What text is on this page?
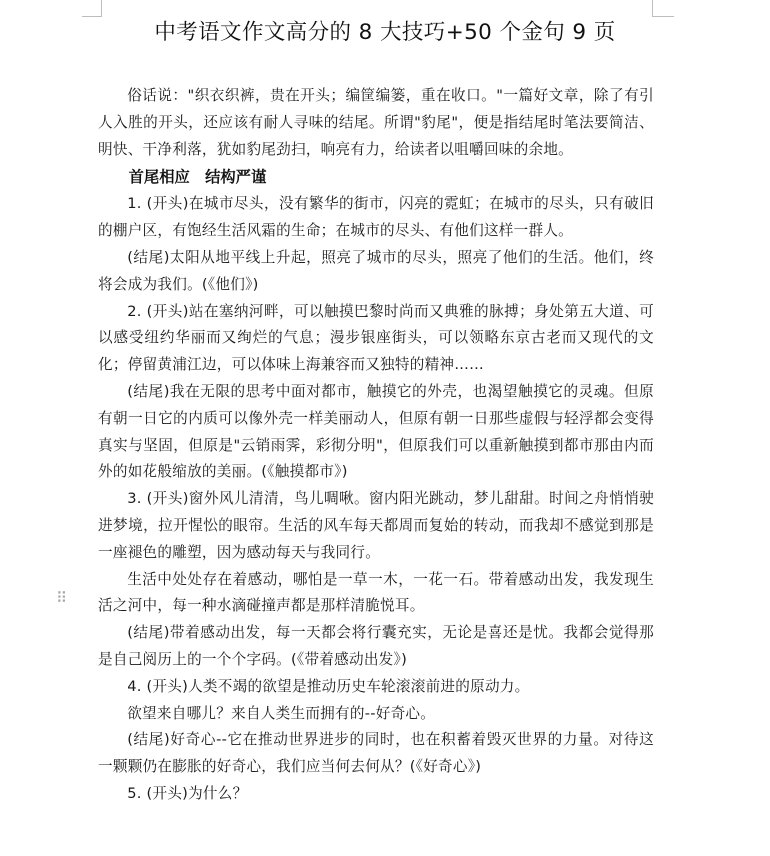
中考语文作文高分的 8 大技巧+50 个金句 9 页

俗话说："织衣织裤，贵在开头；编筐编篓，重在收口。"一篇好文章，除了有引人入胜的开头，还应该有耐人寻味的结尾。所谓"豹尾"，便是指结尾时笔法要简洁、明快、干净利落，犹如豹尾劲扫，响亮有力，给读者以咀嚼回味的余地。

首尾相应　结构严谨

1. (开头)在城市尽头，没有繁华的街市，闪亮的霓虹；在城市的尽头，只有破旧的棚户区，有饱经生活风霜的生命；在城市的尽头、有他们这样一群人。

(结尾)太阳从地平线上升起，照亮了城市的尽头，照亮了他们的生活。他们，终将会成为我们。(《他们》)

2. (开头)站在塞纳河畔，可以触摸巴黎时尚而又典雅的脉搏；身处第五大道、可以感受纽约华丽而又绚烂的气息；漫步银座街头，可以领略东京古老而又现代的文化；停留黄浦江边，可以体味上海兼容而又独特的精神……

(结尾)我在无限的思考中面对都市，触摸它的外壳，也渴望触摸它的灵魂。但原有朝一日它的内质可以像外壳一样美丽动人，但原有朝一日那些虚假与轻浮都会变得真实与坚固，但原是"云销雨霁，彩彻分明"，但原我们可以重新触摸到都市那由内而外的如花般缩放的美丽。(《触摸都市》)

3. (开头)窗外风儿清清，鸟儿啁啾。窗内阳光跳动，梦儿甜甜。时间之舟悄悄驶进梦境，拉开惺忪的眼帘。生活的风车每天都周而复始的转动，而我却不感觉到那是一座褪色的雕塑，因为感动每天与我同行。

生活中处处存在着感动，哪怕是一草一木，一花一石。带着感动出发，我发现生活之河中，每一种水滴碰撞声都是那样清脆悦耳。

(结尾)带着感动出发，每一天都会将行囊充实，无论是喜还是忧。我都会觉得那是自己阅历上的一个个字码。(《带着感动出发》)

4. (开头)人类不竭的欲望是推动历史车轮滚滚前进的原动力。

欲望来自哪儿？来自人类生而拥有的--好奇心。

(结尾)好奇心--它在推动世界进步的同时，也在积蓄着毁灭世界的力量。对待这一颗颗仍在膨胀的好奇心，我们应当何去何从？(《好奇心》)

5. (开头)为什么？

⠿
